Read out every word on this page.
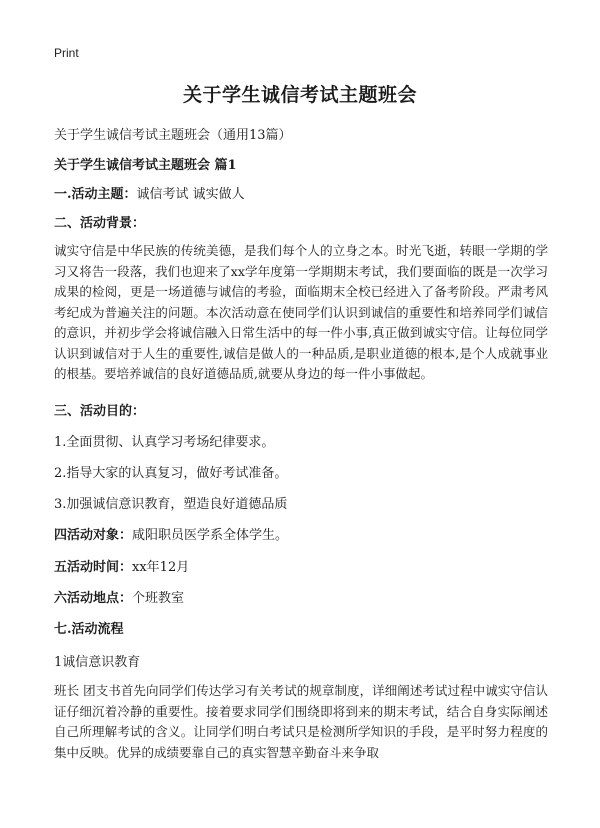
Print
关于学生诚信考试主题班会
关于学生诚信考试主题班会（通用13篇）
关于学生诚信考试主题班会 篇1
一.活动主题：诚信考试 诚实做人
二、活动背景：
诚实守信是中华民族的传统美德，是我们每个人的立身之本。时光飞逝，转眼一学期的学习又将告一段落，我们也迎来了xx学年度第一学期期末考试，我们要面临的既是一次学习成果的检阅，更是一场道德与诚信的考验，面临期末全校已经进入了备考阶段。严肃考风考纪成为普遍关注的问题。本次活动意在使同学们认识到诚信的重要性和培养同学们诚信的意识，并初步学会将诚信融入日常生活中的每一件小事,真正做到诚实守信。让每位同学认识到诚信对于人生的重要性,诚信是做人的一种品质,是职业道德的根本,是个人成就事业的根基。要培养诚信的良好道德品质,就要从身边的每一件小事做起。
三、活动目的：
1.全面贯彻、认真学习考场纪律要求。
2.指导大家的认真复习，做好考试准备。
3.加强诚信意识教育，塑造良好道德品质
四活动对象：咸阳职员医学系全体学生。
五活动时间：xx年12月
六活动地点：个班教室
七.活动流程
1诚信意识教育
班长 团支书首先向同学们传达学习有关考试的规章制度，详细阐述考试过程中诚实守信认证仔细沉着冷静的重要性。接着要求同学们围绕即将到来的期末考试，结合自身实际阐述自己所理解考试的含义。让同学们明白考试只是检测所学知识的手段，是平时努力程度的集中反映。优异的成绩要靠自己的真实智慧辛勤奋斗来争取
